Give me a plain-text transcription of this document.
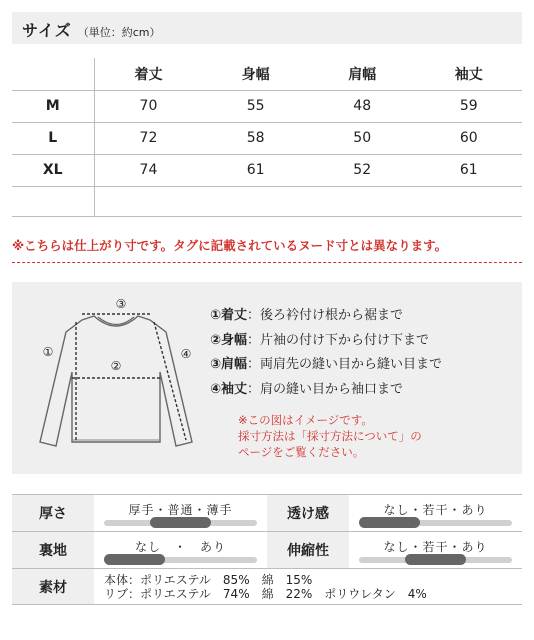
サイズ （単位：約cm）
	着丈	身幅	肩幅	袖丈
M	70	55	48	59
L	72	58	50	60
XL	74	61	52	61

※こちらは仕上がり寸です。タグに記載されているヌード寸とは異なります。
③
②
①	④
①着丈：後ろ衿付け根から裾まで
②身幅：片袖の付け下から付け下まで
③肩幅：両肩先の縫い目から縫い目まで
④袖丈：肩の縫い目から袖口まで
※この図はイメージです。
採寸方法は「採寸方法について」の
ページをご覧ください。
厚さ	厚手・普通・薄手	透け感	なし・若干・あり

裏地	なし　・　あり	伸縮性	なし・若干・あり

素材	本体：ポリエステル　85%　綿　15%
リブ：ポリエステル　74%　綿　22%　ポリウレタン　4%		
